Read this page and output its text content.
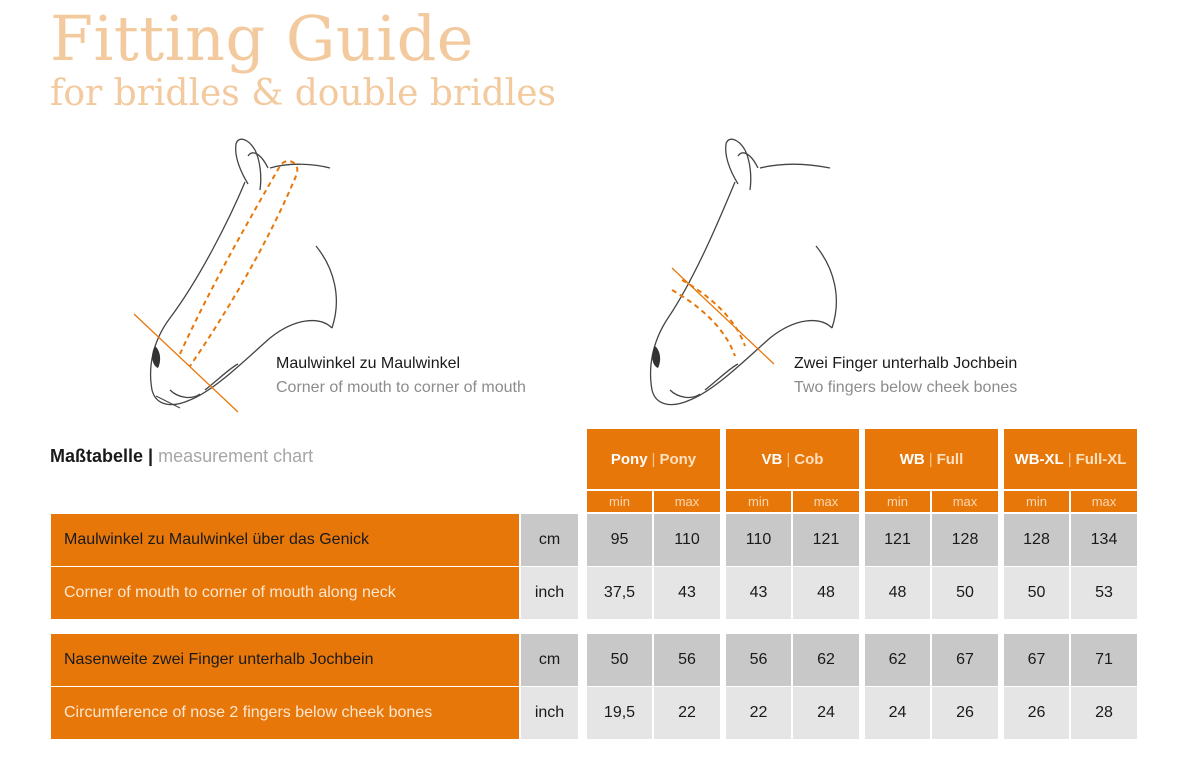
Fitting Guide
for bridles & double bridles
Maulwinkel zu Maulwinkel
Corner of mouth to corner of mouth
Zwei Finger unterhalb Jochbein
Two fingers below cheek bones
Maßtabelle | measurement chart	Pony | Pony	VB | Cob	WB | Full	WB-XL | Full-XL
min	max	min	max	min	max	min	max
Maulwinkel zu Maulwinkel über das Genick	cm	95	110	110	121	121	128	128	134
Corner of mouth to corner of mouth along neck	inch	37,5	43	43	48	48	50	50	53
Nasenweite zwei Finger unterhalb Jochbein	cm	50	56	56	62	62	67	67	71
Circumference of nose 2 fingers below cheek bones	inch	19,5	22	22	24	24	26	26	28
